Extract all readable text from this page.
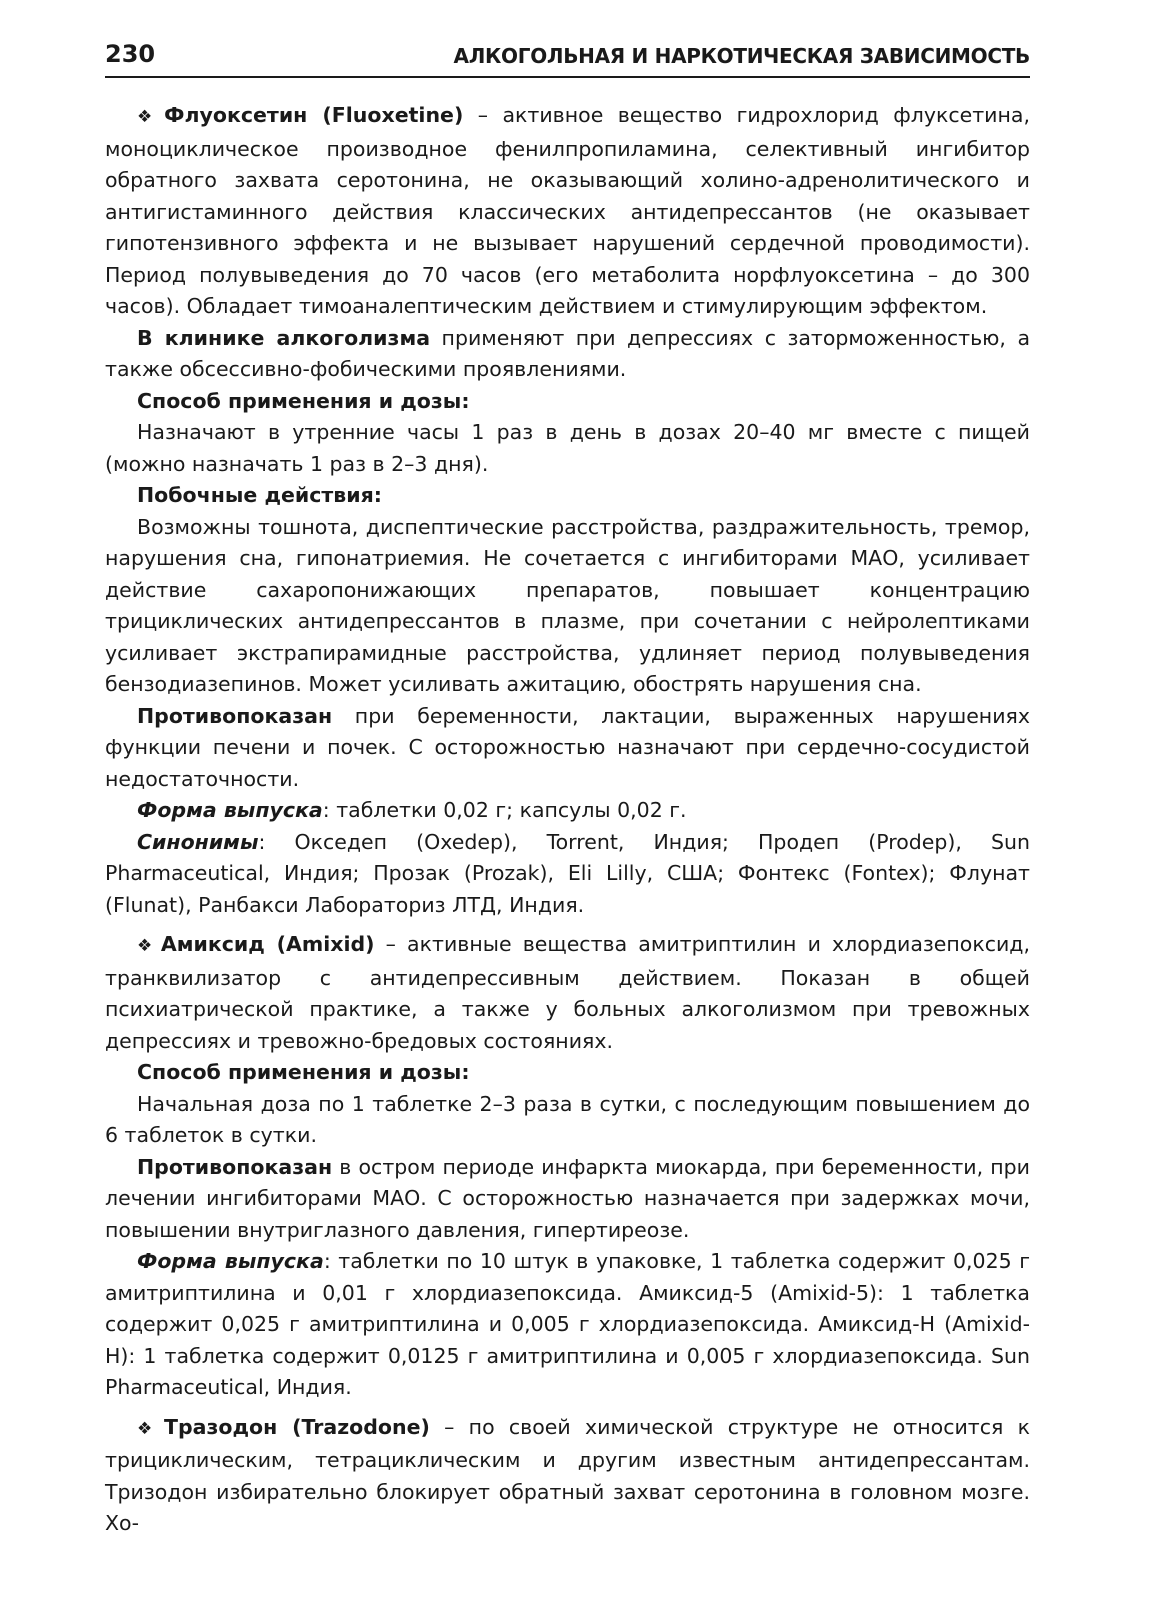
230	АЛКОГОЛЬНАЯ И НАРКОТИЧЕСКАЯ ЗАВИСИМОСТЬ

❖ Флуоксетин (Fluoxetine) – активное вещество гидрохлорид флуксетина, моноциклическое производное фенилпропиламина, селективный ингибитор обратного захвата серотонина, не оказывающий холино-адренолитического и антигистаминного действия классических антидепрессантов (не оказывает гипотензивного эффекта и не вызывает нарушений сердечной проводимости). Период полувыведения до 70 часов (его метаболита норфлуоксетина – до 300 часов). Обладает тимоаналептическим действием и стимулирующим эффектом.

В клинике алкоголизма применяют при депрессиях с заторможенностью, а также обсессивно-фобическими проявлениями.

Способ применения и дозы:

Назначают в утренние часы 1 раз в день в дозах 20–40 мг вместе с пищей (можно назначать 1 раз в 2–3 дня).

Побочные действия:

Возможны тошнота, диспептические расстройства, раздражительность, тремор, нарушения сна, гипонатриемия. Не сочетается с ингибиторами МАО, усиливает действие сахаропонижающих препаратов, повышает концентрацию трициклических антидепрессантов в плазме, при сочетании с нейролептиками усиливает экстрапирамидные расстройства, удлиняет период полувыведения бензодиазепинов. Может усиливать ажитацию, обострять нарушения сна.

Противопоказан при беременности, лактации, выраженных нарушениях функции печени и почек. С осторожностью назначают при сердечно-сосудистой недостаточности.

Форма выпуска: таблетки 0,02 г; капсулы 0,02 г.

Синонимы: Окседеп (Oxedep), Torrent, Индия; Продеп (Prodep), Sun Pharmaceutical, Индия; Прозак (Prozak), Eli Lilly, США; Фонтекс (Fontex); Флунат (Flunat), Ранбакси Лабораториз ЛТД, Индия.

❖ Амиксид (Amixid) – активные вещества амитриптилин и хлордиазепоксид, транквилизатор с антидепрессивным действием. Показан в общей психиатрической практике, а также у больных алкоголизмом при тревожных депрессиях и тревожно-бредовых состояниях.

Способ применения и дозы:

Начальная доза по 1 таблетке 2–3 раза в сутки, с последующим повышением до 6 таблеток в сутки.

Противопоказан в остром периоде инфаркта миокарда, при беременности, при лечении ингибиторами МАО. С осторожностью назначается при задержках мочи, повышении внутриглазного давления, гипертиреозе.

Форма выпуска: таблетки по 10 штук в упаковке, 1 таблетка содержит 0,025 г амитриптилина и 0,01 г хлордиазепоксида. Амиксид-5 (Amixid-5): 1 таблетка содержит 0,025 г амитриптилина и 0,005 г хлордиазепоксида. Амиксид-Н (Amixid-H): 1 таблетка содержит 0,0125 г амитриптилина и 0,005 г хлордиазепоксида. Sun Pharmaceutical, Индия.

❖ Тразодон (Trazodone) – по своей химической структуре не относится к трициклическим, тетрациклическим и другим известным антидепрессантам. Тризодон избирательно блокирует обратный захват серотонина в головном мозге. Хо-
